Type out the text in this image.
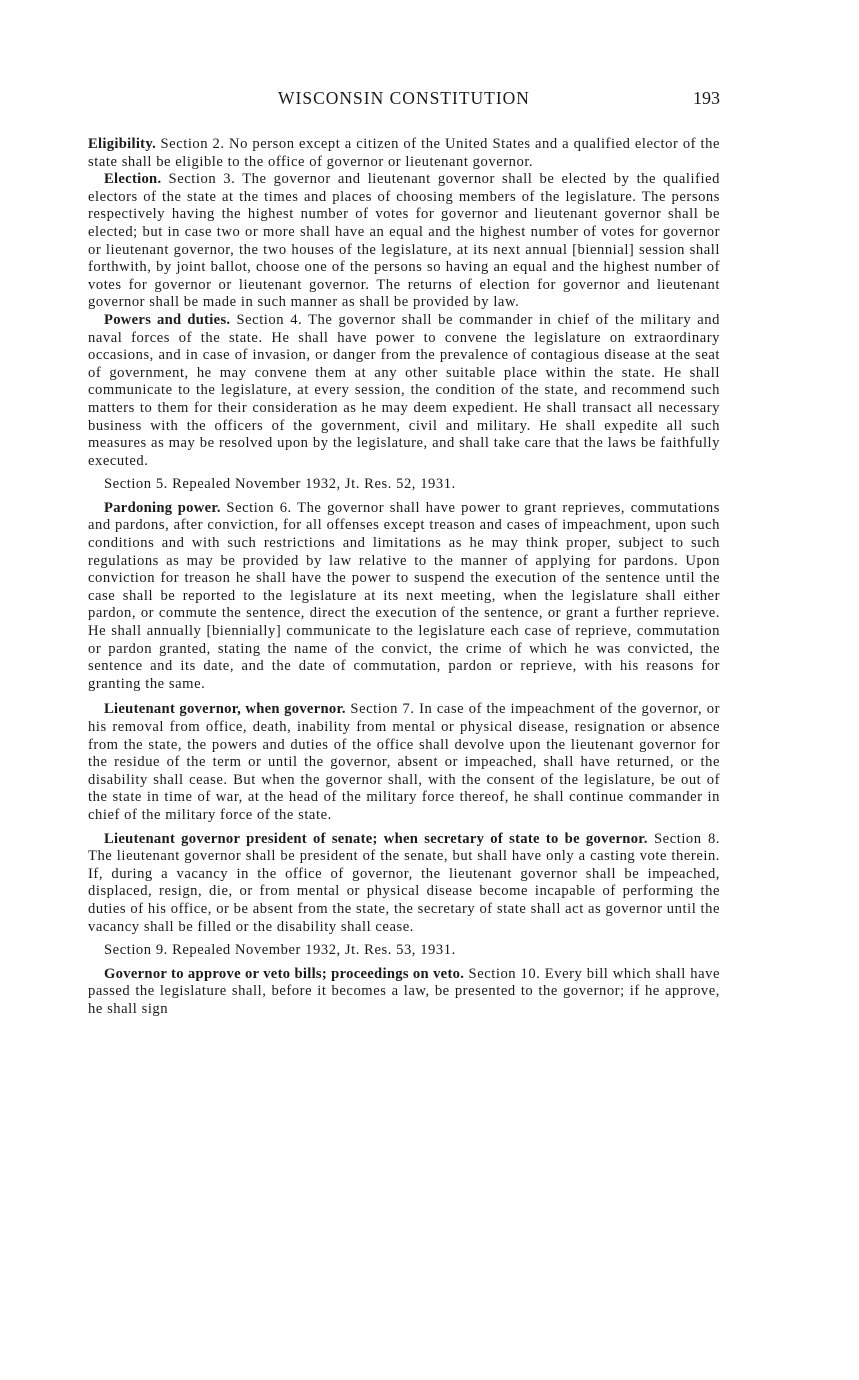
WISCONSIN CONSTITUTION	193

Eligibility. Section 2. No person except a citizen of the United States and a qualified elector of the state shall be eligible to the office of governor or lieutenant governor.

Election. Section 3. The governor and lieutenant governor shall be elected by the qualified electors of the state at the times and places of choosing members of the legislature. The persons respectively having the highest number of votes for governor and lieutenant governor shall be elected; but in case two or more shall have an equal and the highest number of votes for governor or lieutenant governor, the two houses of the legislature, at its next annual [biennial] session shall forthwith, by joint ballot, choose one of the persons so having an equal and the highest number of votes for governor or lieutenant governor. The returns of election for governor and lieutenant governor shall be made in such manner as shall be provided by law.

Powers and duties. Section 4. The governor shall be commander in chief of the military and naval forces of the state. He shall have power to convene the legislature on extraordinary occasions, and in case of invasion, or danger from the prevalence of contagious disease at the seat of government, he may convene them at any other suitable place within the state. He shall communicate to the legislature, at every session, the condition of the state, and recommend such matters to them for their consideration as he may deem expedient. He shall transact all necessary business with the officers of the government, civil and military. He shall expedite all such measures as may be resolved upon by the legislature, and shall take care that the laws be faithfully executed.

Section 5. Repealed November 1932, Jt. Res. 52, 1931.

Pardoning power. Section 6. The governor shall have power to grant reprieves, commutations and pardons, after conviction, for all offenses except treason and cases of impeachment, upon such conditions and with such restrictions and limitations as he may think proper, subject to such regulations as may be provided by law relative to the manner of applying for pardons. Upon conviction for treason he shall have the power to suspend the execution of the sentence until the case shall be reported to the legislature at its next meeting, when the legislature shall either pardon, or commute the sentence, direct the execution of the sentence, or grant a further reprieve. He shall annually [biennially] communicate to the legislature each case of reprieve, commutation or pardon granted, stating the name of the convict, the crime of which he was convicted, the sentence and its date, and the date of commutation, pardon or reprieve, with his reasons for granting the same.

Lieutenant governor, when governor. Section 7. In case of the impeachment of the governor, or his removal from office, death, inability from mental or physical disease, resignation or absence from the state, the powers and duties of the office shall devolve upon the lieutenant governor for the residue of the term or until the governor, absent or impeached, shall have returned, or the disability shall cease. But when the governor shall, with the consent of the legislature, be out of the state in time of war, at the head of the military force thereof, he shall continue commander in chief of the military force of the state.

Lieutenant governor president of senate; when secretary of state to be governor. Section 8. The lieutenant governor shall be president of the senate, but shall have only a casting vote therein. If, during a vacancy in the office of governor, the lieutenant governor shall be impeached, displaced, resign, die, or from mental or physical disease become incapable of performing the duties of his office, or be absent from the state, the secretary of state shall act as governor until the vacancy shall be filled or the disability shall cease.

Section 9. Repealed November 1932, Jt. Res. 53, 1931.

Governor to approve or veto bills; proceedings on veto. Section 10. Every bill which shall have passed the legislature shall, before it becomes a law, be presented to the governor; if he approve, he shall sign
